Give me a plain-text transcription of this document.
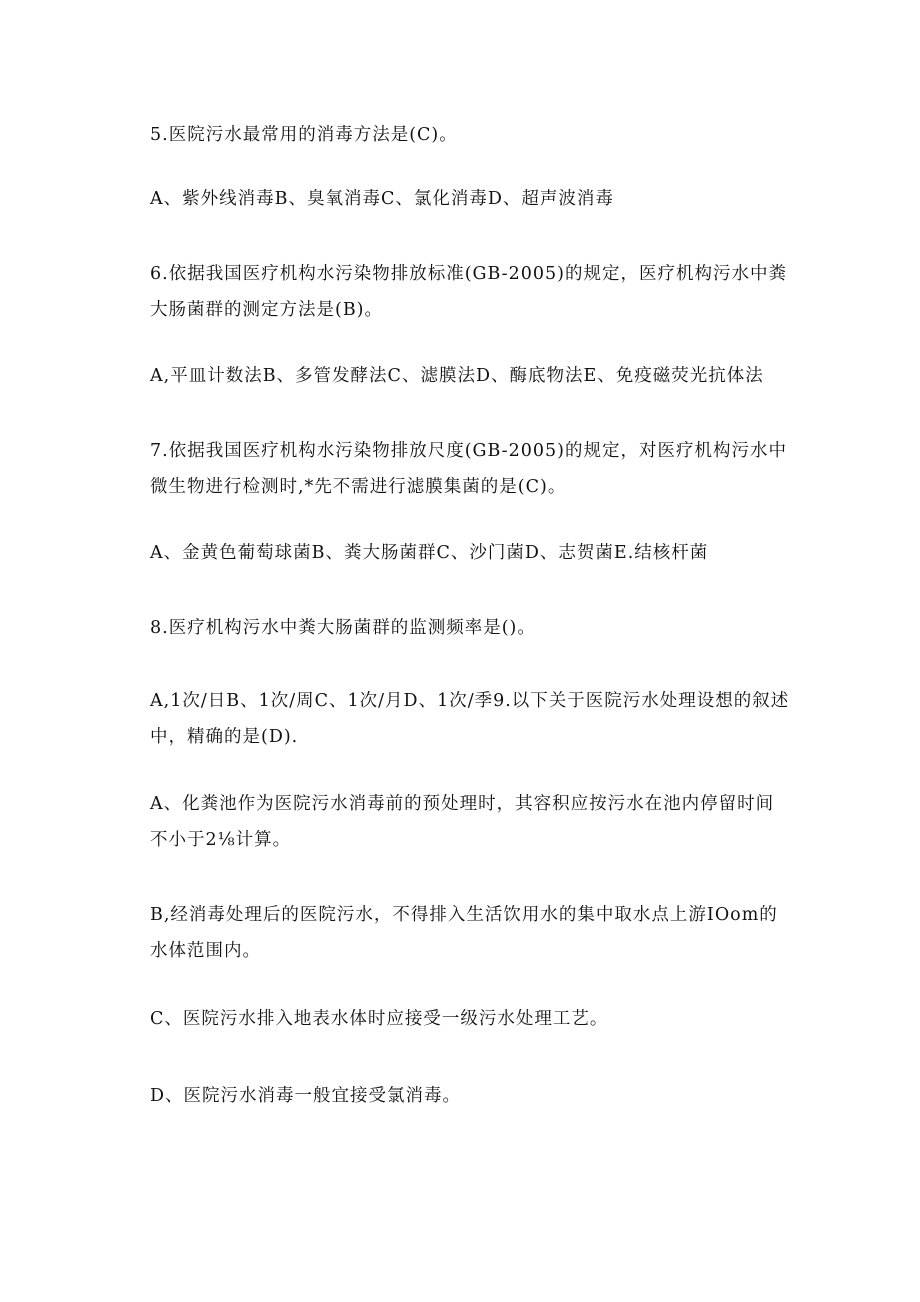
5.医院污水最常用的消毒方法是(C)。

A、紫外线消毒B、臭氧消毒C、氯化消毒D、超声波消毒

6.依据我国医疗机构水污染物排放标准(GB-2005)的规定，医疗机构污水中粪大肠菌群的测定方法是(B)。

A,平皿计数法B、多管发酵法C、滤膜法D、酶底物法E、免疫磁荧光抗体法

7.依据我国医疗机构水污染物排放尺度(GB-2005)的规定，对医疗机构污水中微生物进行检测时,*先不需进行滤膜集菌的是(C)。

A、金黄色葡萄球菌B、粪大肠菌群C、沙门菌D、志贺菌E.结核杆菌

8.医疗机构污水中粪大肠菌群的监测频率是()。

A,1次/日B、1次/周C、1次/月D、1次/季9.以下关于医院污水处理设想的叙述中，精确的是(D).

A、化粪池作为医院污水消毒前的预处理时，其容积应按污水在池内停留时间不小于2⅛计算。

B,经消毒处理后的医院污水，不得排入生活饮用水的集中取水点上游IOom的水体范围内。

C、医院污水排入地表水体时应接受一级污水处理工艺。

D、医院污水消毒一般宜接受氯消毒。
